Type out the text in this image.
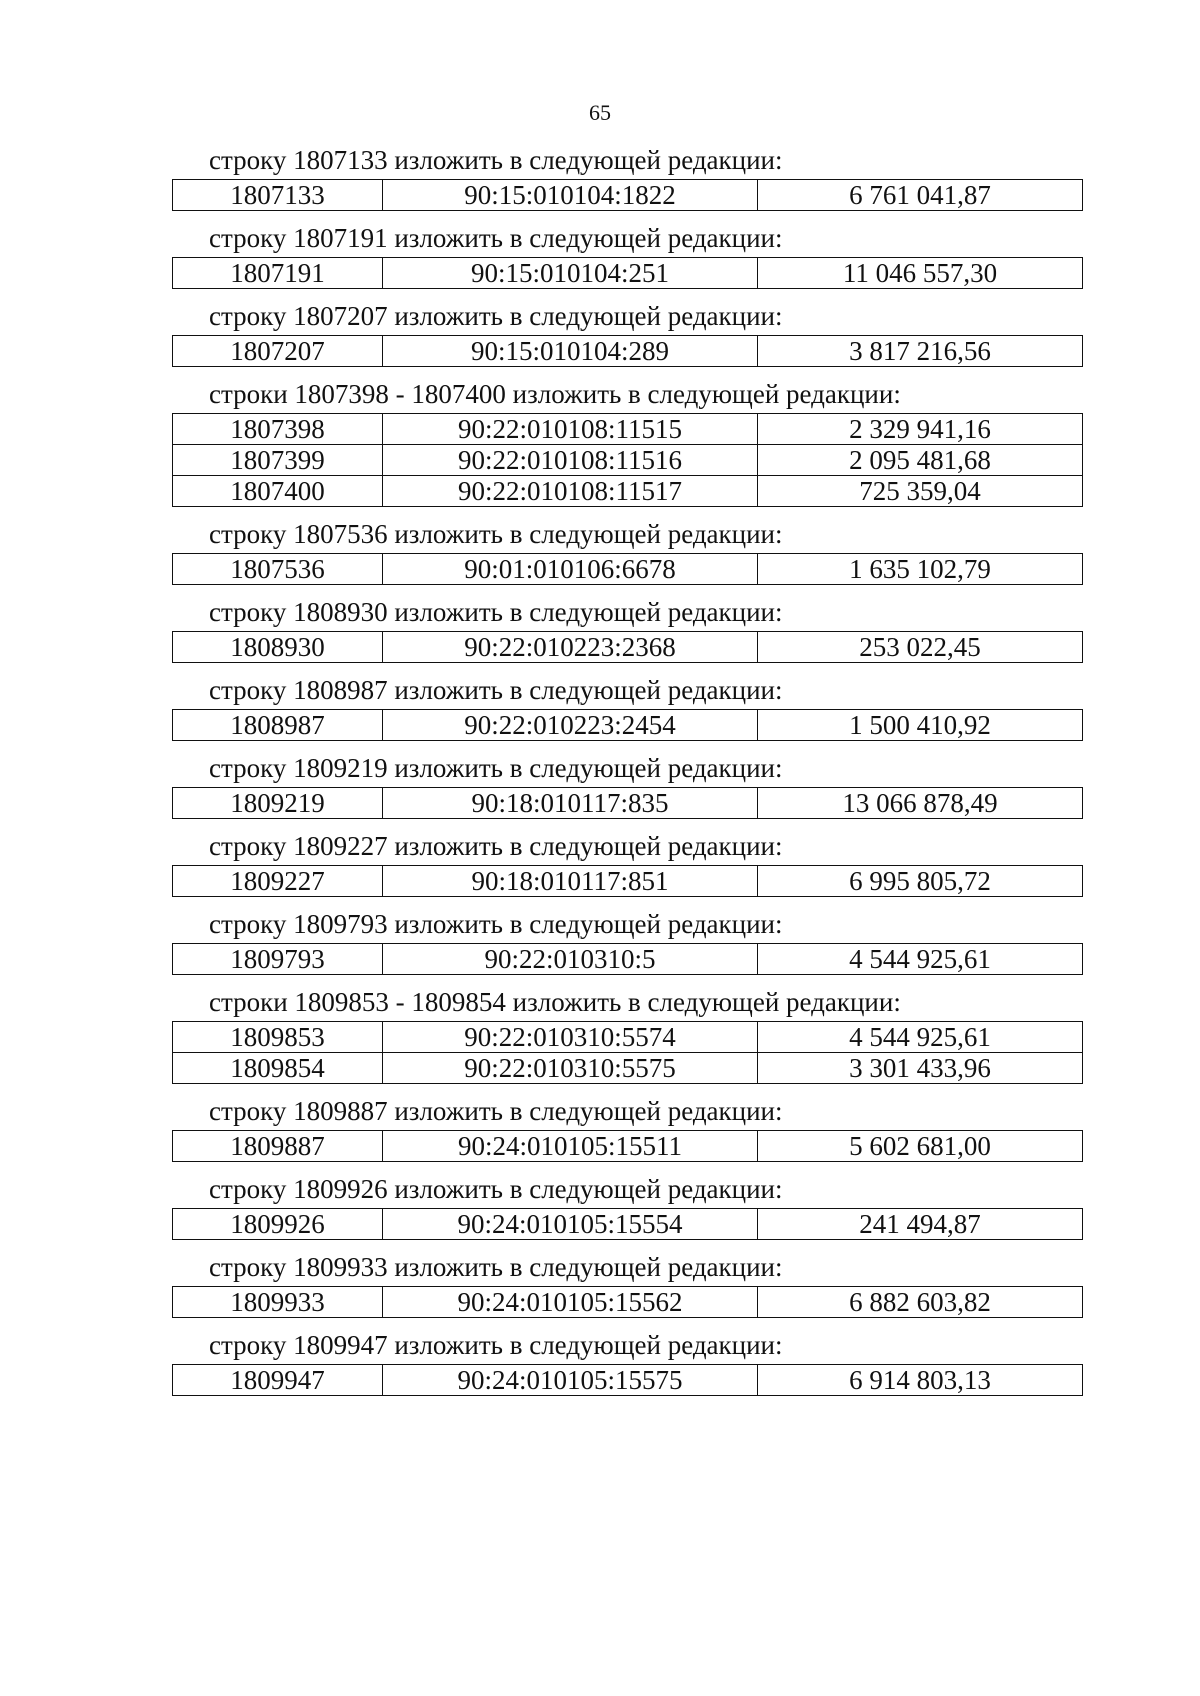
65
строку 1807133 изложить в следующей редакции:
1807133	90:15:010104:1822	6 761 041,87
строку 1807191 изложить в следующей редакции:
1807191	90:15:010104:251	11 046 557,30
строку 1807207 изложить в следующей редакции:
1807207	90:15:010104:289	3 817 216,56
строки 1807398 - 1807400 изложить в следующей редакции:
1807398	90:22:010108:11515	2 329 941,16
1807399	90:22:010108:11516	2 095 481,68
1807400	90:22:010108:11517	725 359,04
строку 1807536 изложить в следующей редакции:
1807536	90:01:010106:6678	1 635 102,79
строку 1808930 изложить в следующей редакции:
1808930	90:22:010223:2368	253 022,45
строку 1808987 изложить в следующей редакции:
1808987	90:22:010223:2454	1 500 410,92
строку 1809219 изложить в следующей редакции:
1809219	90:18:010117:835	13 066 878,49
строку 1809227 изложить в следующей редакции:
1809227	90:18:010117:851	6 995 805,72
строку 1809793 изложить в следующей редакции:
1809793	90:22:010310:5	4 544 925,61
строки 1809853 - 1809854 изложить в следующей редакции:
1809853	90:22:010310:5574	4 544 925,61
1809854	90:22:010310:5575	3 301 433,96
строку 1809887 изложить в следующей редакции:
1809887	90:24:010105:15511	5 602 681,00
строку 1809926 изложить в следующей редакции:
1809926	90:24:010105:15554	241 494,87
строку 1809933 изложить в следующей редакции:
1809933	90:24:010105:15562	6 882 603,82
строку 1809947 изложить в следующей редакции:
1809947	90:24:010105:15575	6 914 803,13
